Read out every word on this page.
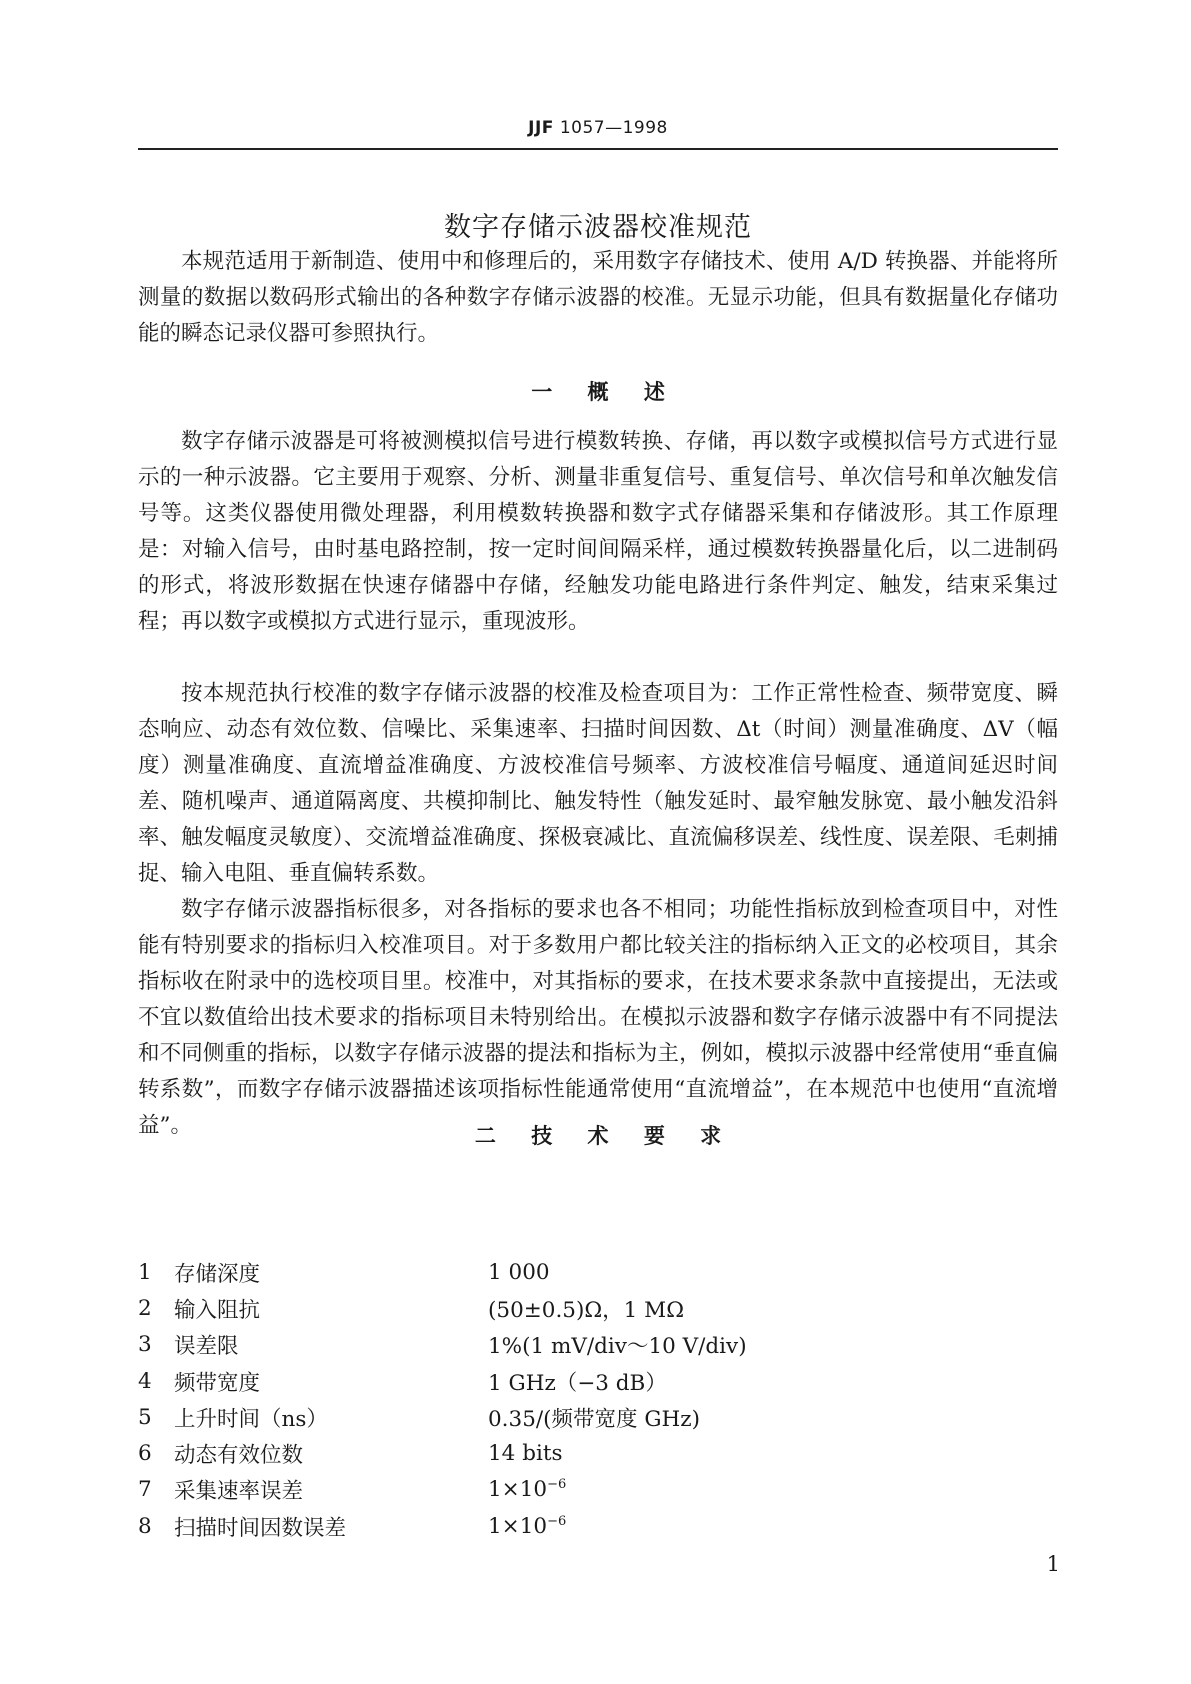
JJF 1057—1998
数字存储示波器校准规范

本规范适用于新制造、使用中和修理后的，采用数字存储技术、使用 A/D 转换器、并能将所测量的数据以数码形式输出的各种数字存储示波器的校准。无显示功能，但具有数据量化存储功能的瞬态记录仪器可参照执行。

一 概 述

数字存储示波器是可将被测模拟信号进行模数转换、存储，再以数字或模拟信号方式进行显示的一种示波器。它主要用于观察、分析、测量非重复信号、重复信号、单次信号和单次触发信号等。这类仪器使用微处理器，利用模数转换器和数字式存储器采集和存储波形。其工作原理是：对输入信号，由时基电路控制，按一定时间间隔采样，通过模数转换器量化后，以二进制码的形式，将波形数据在快速存储器中存储，经触发功能电路进行条件判定、触发，结束采集过程；再以数字或模拟方式进行显示，重现波形。

按本规范执行校准的数字存储示波器的校准及检查项目为：工作正常性检查、频带宽度、瞬态响应、动态有效位数、信噪比、采集速率、扫描时间因数、Δt（时间）测量准确度、ΔV（幅度）测量准确度、直流增益准确度、方波校准信号频率、方波校准信号幅度、通道间延迟时间差、随机噪声、通道隔离度、共模抑制比、触发特性（触发延时、最窄触发脉宽、最小触发沿斜率、触发幅度灵敏度）、交流增益准确度、探极衰减比、直流偏移误差、线性度、误差限、毛刺捕捉、输入电阻、垂直偏转系数。

数字存储示波器指标很多，对各指标的要求也各不相同；功能性指标放到检查项目中，对性能有特别要求的指标归入校准项目。对于多数用户都比较关注的指标纳入正文的必校项目，其余指标收在附录中的选校项目里。校准中，对其指标的要求，在技术要求条款中直接提出，无法或不宜以数值给出技术要求的指标项目未特别给出。在模拟示波器和数字存储示波器中有不同提法和不同侧重的指标，以数字存储示波器的提法和指标为主，例如，模拟示波器中经常使用“垂直偏转系数”，而数字存储示波器描述该项指标性能通常使用“直流增益”，在本规范中也使用“直流增益”。	二 技 术 要 求
1	存储深度	1 000
2	输入阻抗	(50±0.5)Ω，1 MΩ
3	误差限	1%(1 mV/div～10 V/div)
4	频带宽度	1 GHz（−3 dB）
5	上升时间（ns）	0.35/(频带宽度 GHz)
6	动态有效位数	14 bits
7	采集速率误差	$1\times 10^{-6}$
8	扫描时间因数误差	$1\times 10^{-6}$
1
